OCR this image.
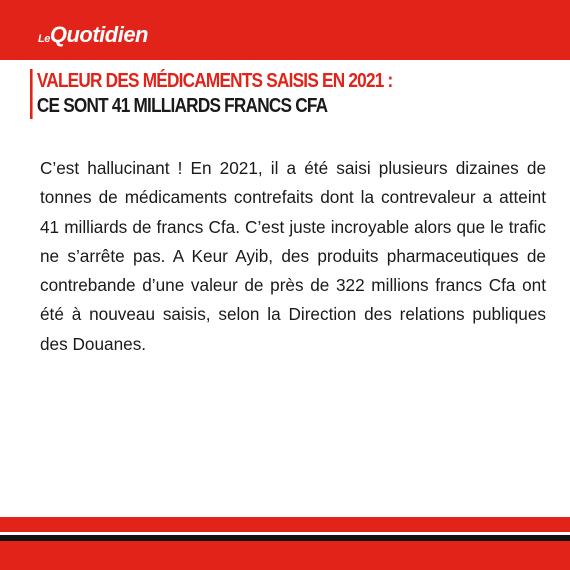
LeQuotidien
VALEUR DES MÉDICAMENTS SAISIS EN 2021 :
CE SONT 41 MILLIARDS FRANCS CFA

C’est hallucinant ! En 2021, il a été saisi plusieurs dizaines de tonnes de médicaments contrefaits dont la contrevaleur a atteint 41 milliards de francs Cfa. C’est juste incroyable alors que le trafic ne s’arrête pas. A Keur Ayib, des produits pharmaceutiques de contrebande d’une valeur de près de 322 millions francs Cfa ont été à nouveau saisis, selon la Direction des relations publiques des Douanes.
